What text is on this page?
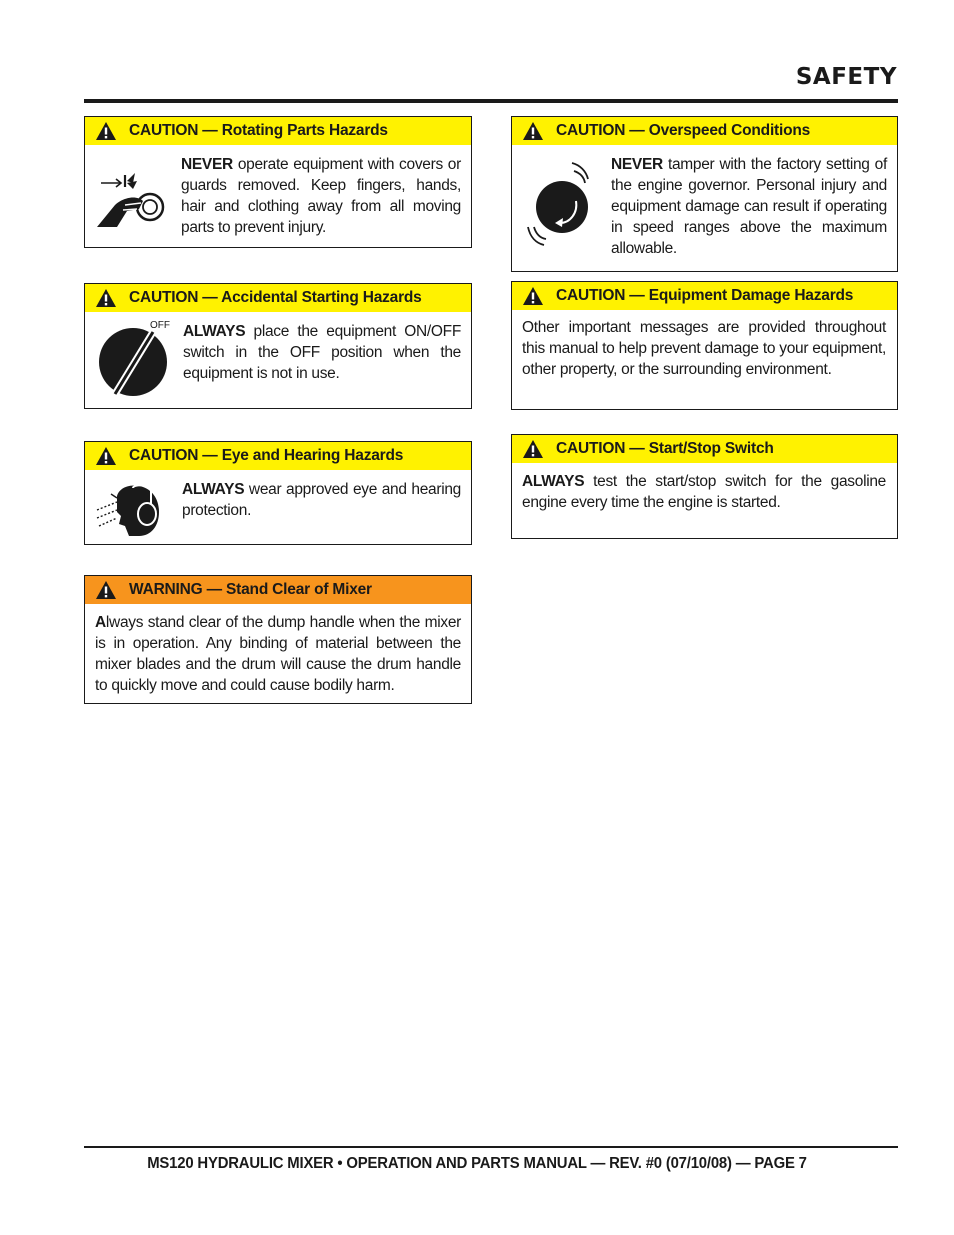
SAFETY
CAUTION — Rotating Parts Hazards
NEVER operate equipment with covers or guards removed. Keep fingers, hands, hair and clothing away from all moving parts to prevent injury.
CAUTION — Accidental Starting Hazards
OFF ALWAYS place the equipment ON/OFF switch in the OFF position when the equipment is not in use.
CAUTION — Eye and Hearing Hazards
ALWAYS wear approved eye and hearing protection.
WARNING — Stand Clear of Mixer
Always stand clear of the dump handle when the mixer is in operation. Any binding of material between the mixer blades and the drum will cause the drum handle to quickly move and could cause bodily harm.
CAUTION — Overspeed Conditions
NEVER tamper with the factory setting of the engine governor. Personal injury and equipment damage can result if operating in speed ranges above the maximum allowable.
CAUTION — Equipment Damage Hazards
Other important messages are provided throughout this manual to help prevent damage to your equipment, other property, or the surrounding environment.
CAUTION — Start/Stop Switch
ALWAYS test the start/stop switch for the gasoline engine every time the engine is started.
MS120 HYDRAULIC MIXER • OPERATION AND PARTS MANUAL — REV. #0 (07/10/08) — PAGE 7
